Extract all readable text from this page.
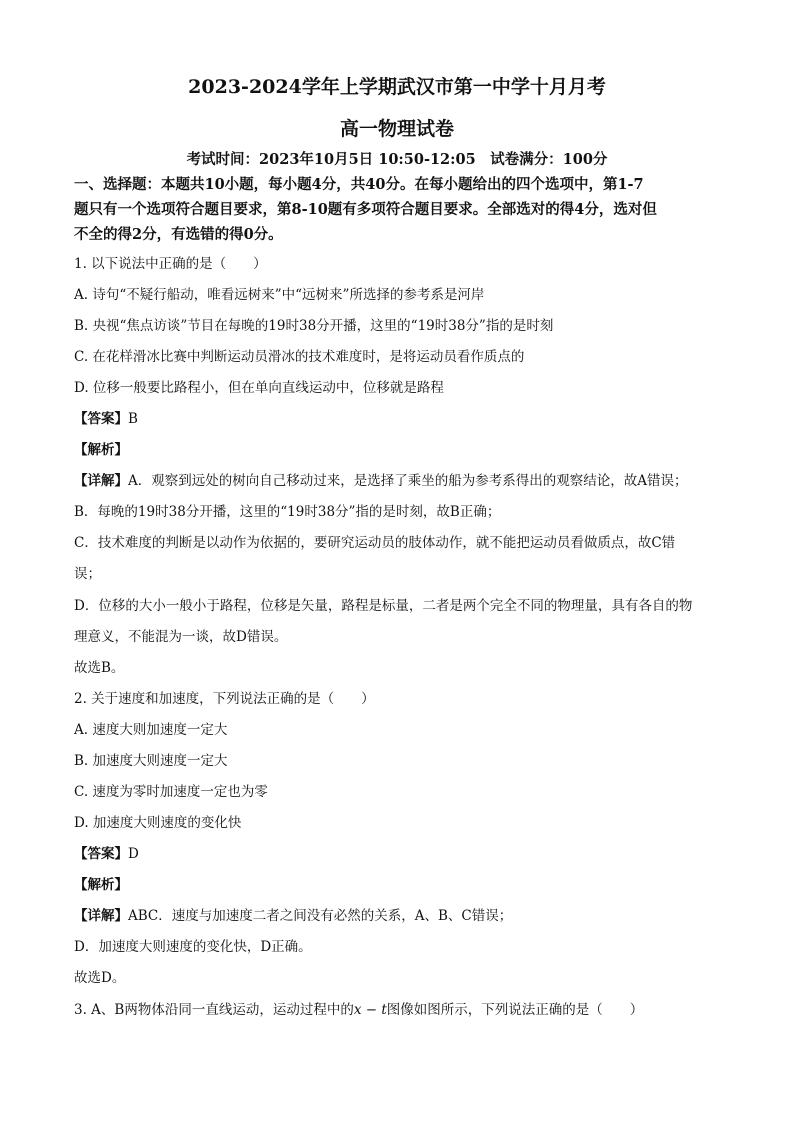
2023-2024学年上学期武汉市第一中学十月月考
高一物理试卷
考试时间：2023年10月5日 10:50-12:05　试卷满分：100分
一、选择题：本题共10小题，每小题4分，共40分。在每小题给出的四个选项中，第1-7
题只有一个选项符合题目要求，第8-10题有多项符合题目要求。全部选对的得4分，选对但
不全的得2分，有选错的得0分。
1. 以下说法中正确的是（　　）
A. 诗句“不疑行船动，唯看远树来”中“远树来”所选择的参考系是河岸
B. 央视“焦点访谈”节目在每晚的19时38分开播，这里的“19时38分”指的是时刻
C. 在花样滑冰比赛中判断运动员滑冰的技术难度时，是将运动员看作质点的
D. 位移一般要比路程小，但在单向直线运动中，位移就是路程
【答案】B
【解析】
【详解】A．观察到远处的树向自己移动过来，是选择了乘坐的船为参考系得出的观察结论，故A错误；
B．每晚的19时38分开播，这里的“19时38分”指的是时刻，故B正确；
C．技术难度的判断是以动作为依据的，要研究运动员的肢体动作，就不能把运动员看做质点，故C错
误；
D．位移的大小一般小于路程，位移是矢量，路程是标量，二者是两个完全不同的物理量，具有各自的物
理意义，不能混为一谈，故D错误。
故选B。
2. 关于速度和加速度，下列说法正确的是（　　）
A. 速度大则加速度一定大
B. 加速度大则速度一定大
C. 速度为零时加速度一定也为零
D. 加速度大则速度的变化快
【答案】D
【解析】
【详解】ABC．速度与加速度二者之间没有必然的关系，A、B、C错误；
D．加速度大则速度的变化快，D正确。
故选D。
3. A、B两物体沿同一直线运动，运动过程中的x − t图像如图所示，下列说法正确的是（　　）
